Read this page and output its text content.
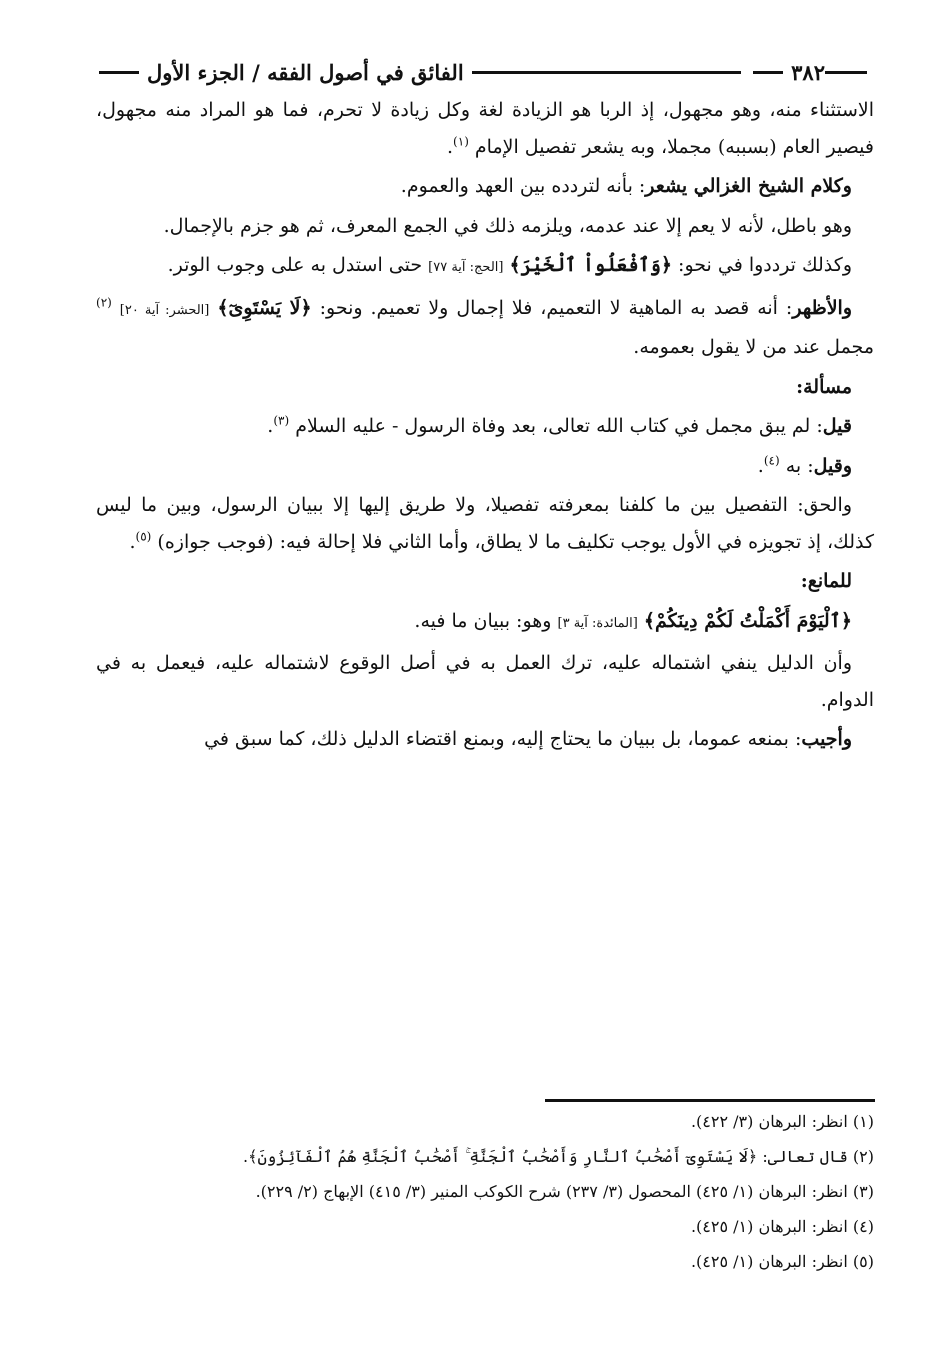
٣٨٢
الفائق في أصول الفقه / الجزء الأول

الاستثناء منه، وهو مجهول، إذ الربا هو الزيادة لغة وكل زيادة لا تحرم، فما هو المراد منه مجهول، فيصير العام (بسببه) مجملا، وبه يشعر تفصيل الإمام $^{(١)}$.

وكلام الشيخ الغزالي يشعر: بأنه لتردده بين العهد والعموم.

وهو باطل، لأنه لا يعم إلا عند عدمه، ويلزمه ذلك في الجمع المعرف، ثم هو جزم بالإجمال.

وكذلك ترددوا في نحو: ﴿وَٱفْعَلُواْ ٱلْخَيْرَ﴾ [الحج: آية ٧٧] حتى استدل به على وجوب الوتر.

والأظهر: أنه قصد به الماهية لا التعميم، فلا إجمال ولا تعميم. ونحو: ﴿لَا يَسْتَوِىٓ﴾ [الحشر: آية ٢٠] $^{(٢)}$ مجمل عند من لا يقول بعمومه.

مسألة:

قيل: لم يبق مجمل في كتاب الله تعالى، بعد وفاة الرسول - عليه السلام $^{(٣)}$.

وقيل: به $^{(٤)}$.

والحق: التفصيل بين ما كلفنا بمعرفته تفصيلا، ولا طريق إليها إلا ببيان الرسول، وبين ما ليس كذلك، إذ تجويزه في الأول يوجب تكليف ما لا يطاق، وأما الثاني فلا إحالة فيه: (فوجب جوازه) $^{(٥)}$.

للمانع:

﴿ٱلْيَوْمَ أَكْمَلْتُ لَكُمْ دِينَكُمْ﴾ [المائدة: آية ٣] وهو: ببيان ما فيه.

وأن الدليل ينفي اشتماله عليه، ترك العمل به في أصل الوقوع لاشتماله عليه، فيعمل به في الدوام.

وأجيب: بمنعه عموما، بل ببيان ما يحتاج إليه، وبمنع اقتضاء الدليل ذلك، كما سبق في

(١) انظر: البرهان (٣/ ٤٢٢).

(٢) قال تعالى: ﴿لَا يَسْتَوِىٓ أَصْحَٰبُ ٱلنَّارِ وَأَصْحَٰبُ ٱلْجَنَّةِ ۚ أَصْحَٰبُ ٱلْجَنَّةِ هُمُ ٱلْفَآئِزُونَ﴾.

(٣) انظر: البرهان (١/ ٤٢٥) المحصول (٣/ ٢٣٧) شرح الكوكب المنير (٣/ ٤١٥) الإبهاج (٢/ ٢٢٩).

(٤) انظر: البرهان (١/ ٤٢٥).

(٥) انظر: البرهان (١/ ٤٢٥).
